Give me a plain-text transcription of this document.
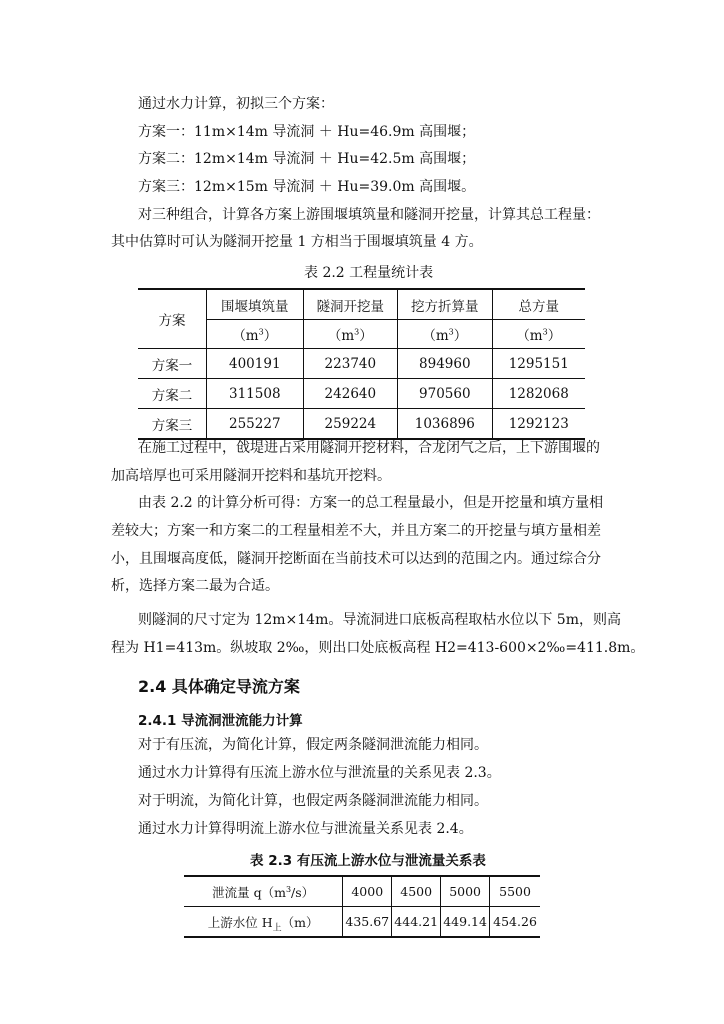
通过水力计算，初拟三个方案：
方案一：11m×14m 导流洞 ＋ Hu=46.9m 高围堰；
方案二：12m×14m 导流洞 ＋ Hu=42.5m 高围堰；
方案三：12m×15m 导流洞 ＋ Hu=39.0m 高围堰。
对三种组合，计算各方案上游围堰填筑量和隧洞开挖量，计算其总工程量：
其中估算时可认为隧洞开挖量 1 方相当于围堰填筑量 4 方。
表 2.2 工程量统计表
方案	围堰填筑量	隧洞开挖量	挖方折算量	总方量
	$(m^3)$	$(m^3)$	$(m^3)$	$(m^3)$
方案一	400191	223740	894960	1295151
方案二	311508	242640	970560	1282068
方案三	255227	259224	1036896	1292123
在施工过程中，戗堤进占采用隧洞开挖材料，合龙闭气之后，上下游围堰的
加高培厚也可采用隧洞开挖料和基坑开挖料。
由表 2.2 的计算分析可得：方案一的总工程量最小，但是开挖量和填方量相
差较大；方案一和方案二的工程量相差不大，并且方案二的开挖量与填方量相差
小，且围堰高度低，隧洞开挖断面在当前技术可以达到的范围之内。通过综合分
析，选择方案二最为合适。
则隧洞的尺寸定为 12m×14m。导流洞进口底板高程取枯水位以下 5m，则高
程为 H1=413m。纵坡取 2‰，则出口处底板高程 H2=413-600×2‰=411.8m。
2.4 具体确定导流方案
2.4.1 导流洞泄流能力计算
对于有压流，为简化计算，假定两条隧洞泄流能力相同。
通过水力计算得有压流上游水位与泄流量的关系见表 2.3。
对于明流，为简化计算，也假定两条隧洞泄流能力相同。
通过水力计算得明流上游水位与泄流量关系见表 2.4。
表 2.3 有压流上游水位与泄流量关系表
泄流量 $q(m^3/s)$	4000	4500	5000	5500
上游水位 $H_上(m)$	435.67	444.21	449.14	454.26
